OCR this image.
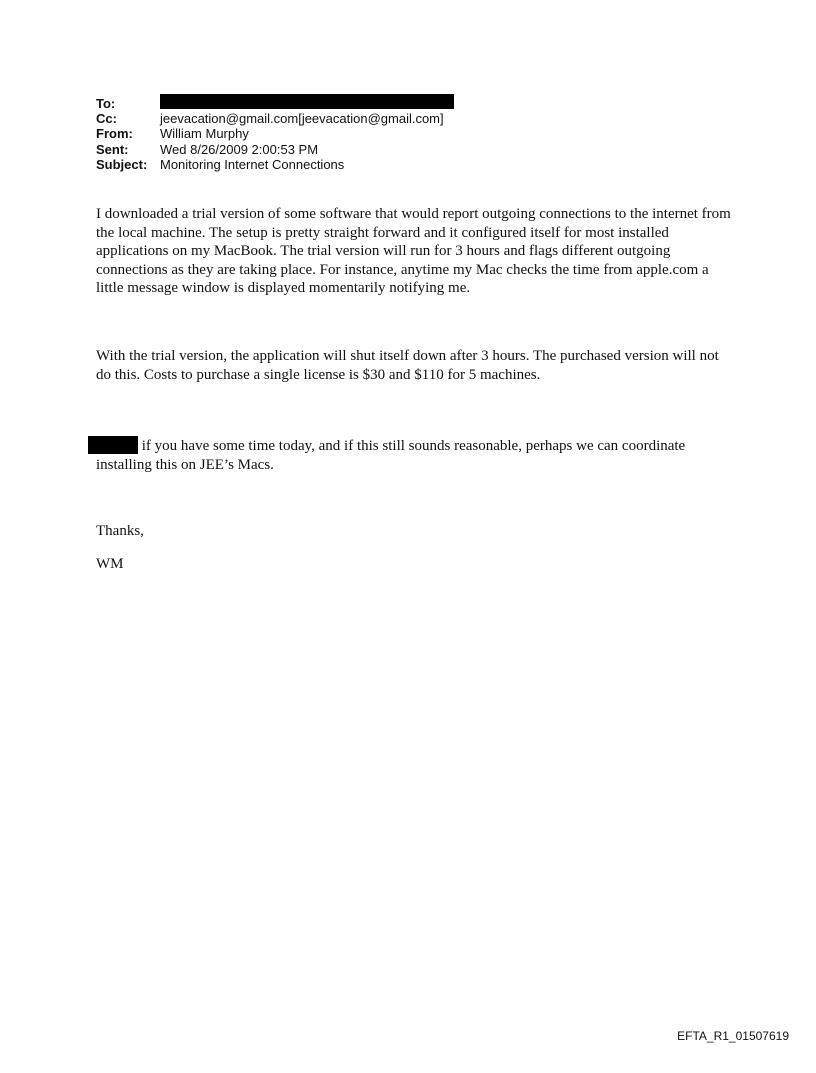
To:
Cc:	jeevacation@gmail.com[jeevacation@gmail.com]
From:	William Murphy
Sent:	Wed 8/26/2009 2:00:53 PM
Subject: Monitoring Internet Connections

I downloaded a trial version of some software that would report outgoing connections to the internet from the local machine. The setup is pretty straight forward and it configured itself for most installed applications on my MacBook. The trial version will run for 3 hours and flags different outgoing connections as they are taking place. For instance, anytime my Mac checks the time from apple.com a little message window is displayed momentarily notifying me.

With the trial version, the application will shut itself down after 3 hours. The purchased version will not do this. Costs to purchase a single license is $30 and $110 for 5 machines.

if you have some time today, and if this still sounds reasonable, perhaps we can coordinate installing this on JEE’s Macs.

Thanks,

WM

EFTA_R1_01507619
